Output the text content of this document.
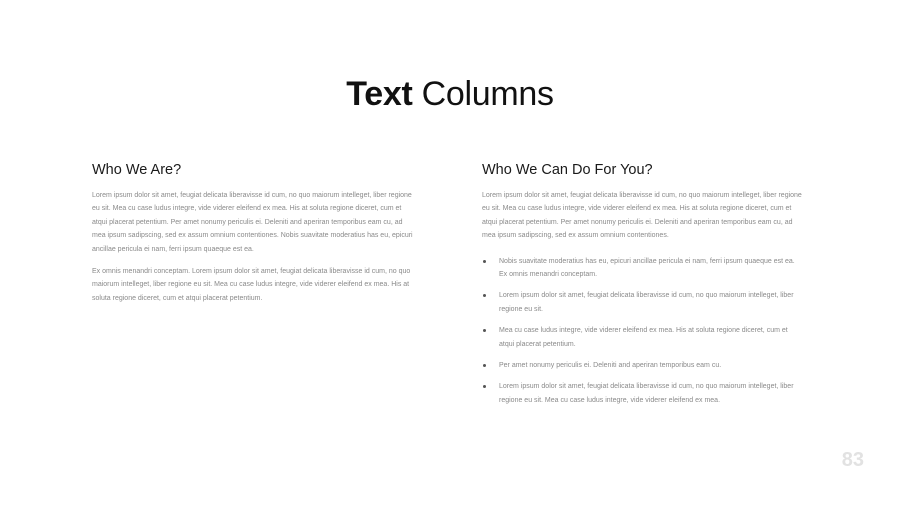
Text Columns
Who We Are?

Lorem ipsum dolor sit amet, feugiat delicata liberavisse id cum, no quo maiorum intelleget, liber regione eu sit. Mea cu case ludus integre, vide viderer eleifend ex mea. His at soluta regione diceret, cum et atqui placerat petentium. Per amet nonumy periculis ei. Deleniti and aperiran temporibus eam cu, ad mea ipsum sadipscing, sed ex assum omnium contentiones. Nobis suavitate moderatius has eu, epicuri ancillae pericula ei nam, ferri ipsum quaeque est ea.

Ex omnis menandri conceptam. Lorem ipsum dolor sit amet, feugiat delicata liberavisse id cum, no quo maiorum intelleget, liber regione eu sit. Mea cu case ludus integre, vide viderer eleifend ex mea. His at soluta regione diceret, cum et atqui placerat petentium.

Who We Can Do For You?

Lorem ipsum dolor sit amet, feugiat delicata liberavisse id cum, no quo maiorum intelleget, liber regione eu sit. Mea cu case ludus integre, vide viderer eleifend ex mea. His at soluta regione diceret, cum et atqui placerat petentium. Per amet nonumy periculis ei. Deleniti and aperiran temporibus eam cu, ad mea ipsum sadipscing, sed ex assum omnium contentiones.

Nobis suavitate moderatius has eu, epicuri ancillae pericula ei nam, ferri ipsum quaeque est ea. Ex omnis menandri conceptam.
Lorem ipsum dolor sit amet, feugiat delicata liberavisse id cum, no quo maiorum intelleget, liber regione eu sit.
Mea cu case ludus integre, vide viderer eleifend ex mea. His at soluta regione diceret, cum et atqui placerat petentium.
Per amet nonumy periculis ei. Deleniti and aperiran temporibus eam cu.
Lorem ipsum dolor sit amet, feugiat delicata liberavisse id cum, no quo maiorum intelleget, liber regione eu sit. Mea cu case ludus integre, vide viderer eleifend ex mea.
83
